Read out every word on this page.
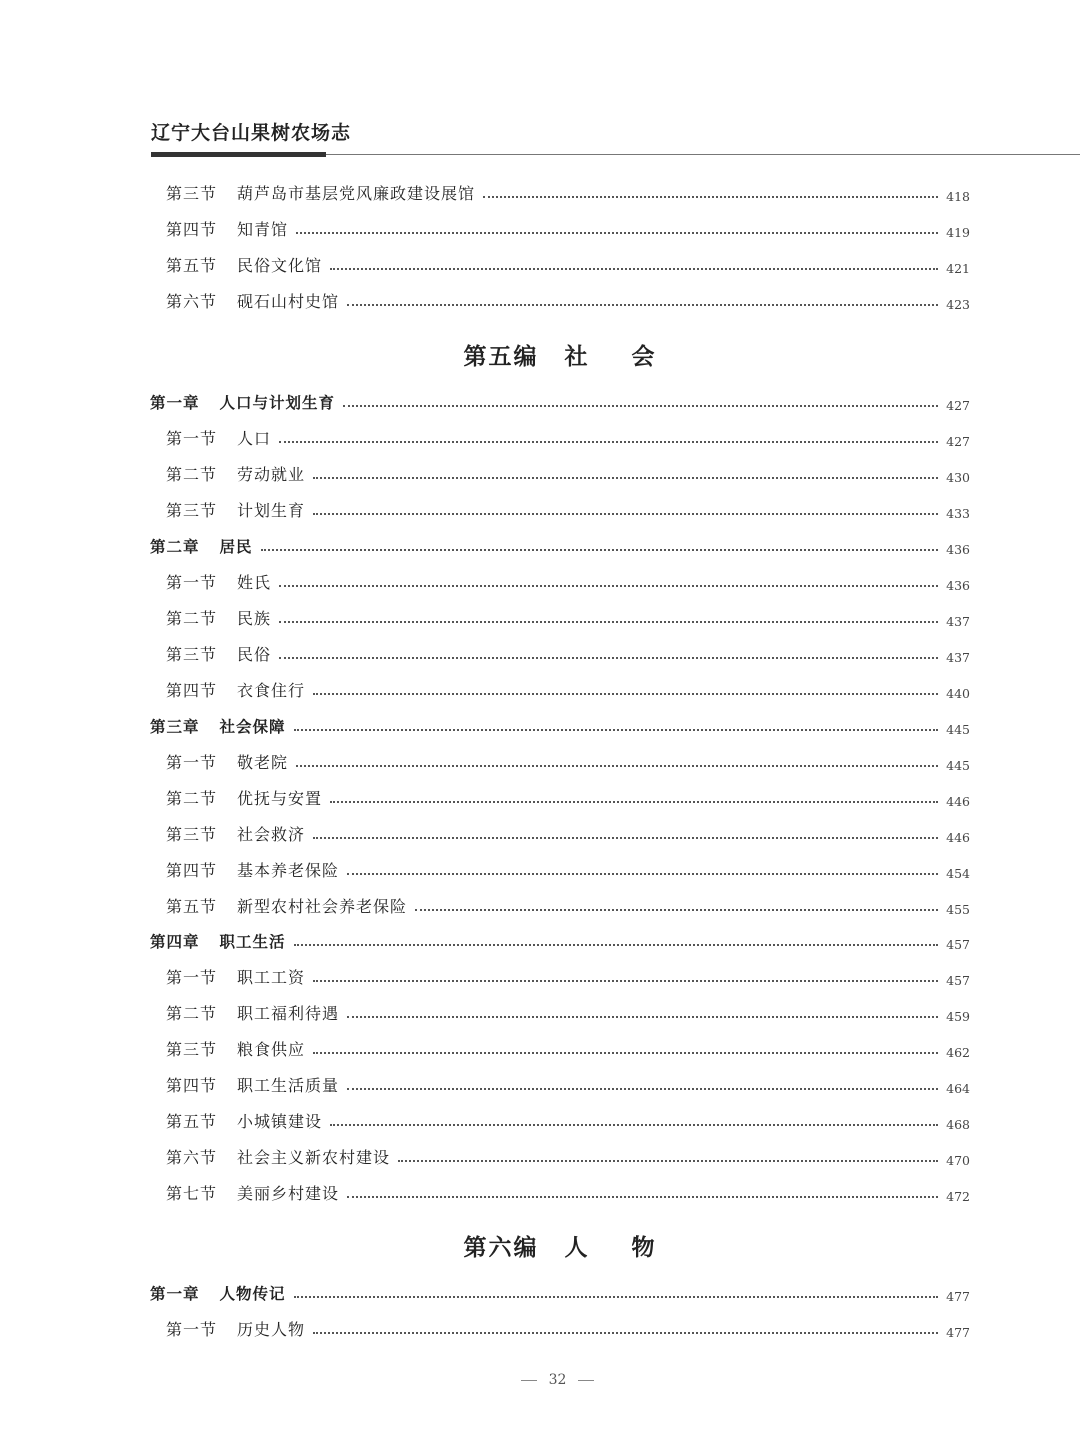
辽宁大台山果树农场志
第三节 葫芦岛市基层党风廉政建设展馆	418
第四节 知青馆	419
第五节 民俗文化馆	421
第六节 砚石山村史馆	423
第五编 社 会
第一章 人口与计划生育	427
第一节 人口	427
第二节 劳动就业	430
第三节 计划生育	433
第二章 居民	436
第一节 姓氏	436
第二节 民族	437
第三节 民俗	437
第四节 衣食住行	440
第三章 社会保障	445
第一节 敬老院	445
第二节 优抚与安置	446
第三节 社会救济	446
第四节 基本养老保险	454
第五节 新型农村社会养老保险	455
第四章 职工生活	457
第一节 职工工资	457
第二节 职工福利待遇	459
第三节 粮食供应	462
第四节 职工生活质量	464
第五节 小城镇建设	468
第六节 社会主义新农村建设	470
第七节 美丽乡村建设	472
第六编 人 物
第一章 人物传记	477
第一节 历史人物	477
32
